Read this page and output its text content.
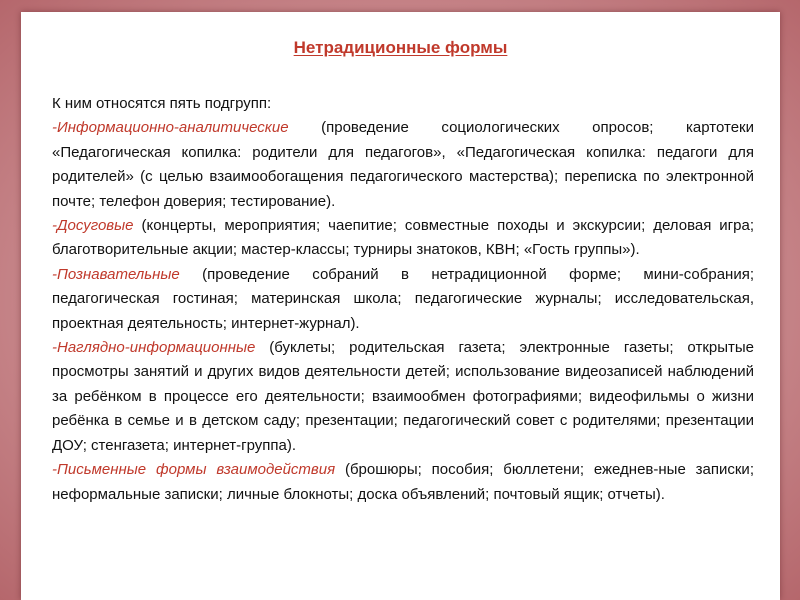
Нетрадиционные формы

К ним относятся пять подгрупп:

-Информационно-аналитические (проведение социологических опросов; картотеки «Педагогическая копилка: родители для педагогов», «Педагогическая копилка: педагоги для родителей» (с целью взаимообогащения педагогического мастерства); переписка по электронной почте; телефон доверия; тестирование).

-Досуговые (концерты, мероприятия; чаепитие; совместные походы и экскурсии; деловая игра; благотворительные акции; мастер-классы; турниры знатоков, КВН; «Гость группы»).

-Познавательные (проведение собраний в нетрадиционной форме; мини-собрания; педагогическая гостиная; материнская школа; педагогические журналы; исследовательская, проектная деятельность; интернет-журнал).

-Наглядно-информационные (буклеты; родительская газета; электронные газеты; открытые просмотры занятий и других видов деятельности детей; использование видеозаписей наблюдений за ребёнком в процессе его деятельности; взаимообмен фотографиями; видеофильмы о жизни ребёнка в семье и в детском саду; презентации; педагогический совет с родителями; презентации ДОУ; стенгазета; интернет-группа).

-Письменные формы взаимодействия (брошюры; пособия; бюллетени; ежеднев-ные записки; неформальные записки; личные блокноты; доска объявлений; почтовый ящик; отчеты).
